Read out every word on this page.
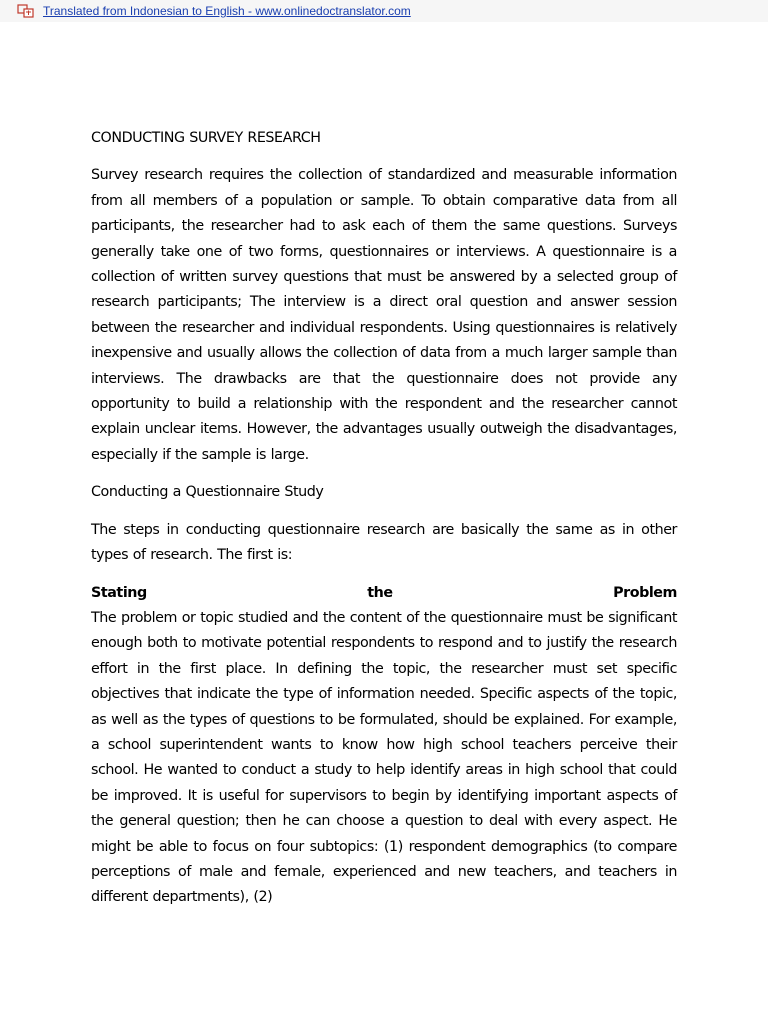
Translated from Indonesian to English - www.onlinedoctranslator.com

CONDUCTING SURVEY RESEARCH

Survey research requires the collection of standardized and measurable information from all members of a population or sample. To obtain comparative data from all participants, the researcher had to ask each of them the same questions. Surveys generally take one of two forms, questionnaires or interviews. A questionnaire is a collection of written survey questions that must be answered by a selected group of research participants; The interview is a direct oral question and answer session between the researcher and individual respondents. Using questionnaires is relatively inexpensive and usually allows the collection of data from a much larger sample than interviews. The drawbacks are that the questionnaire does not provide any opportunity to build a relationship with the respondent and the researcher cannot explain unclear items. However, the advantages usually outweigh the disadvantages, especially if the sample is large.

Conducting a Questionnaire Study

The steps in conducting questionnaire research are basically the same as in other types of research. The first is:

Stating the Problem

The problem or topic studied and the content of the questionnaire must be significant enough both to motivate potential respondents to respond and to justify the research effort in the first place. In defining the topic, the researcher must set specific objectives that indicate the type of information needed. Specific aspects of the topic, as well as the types of questions to be formulated, should be explained. For example, a school superintendent wants to know how high school teachers perceive their school. He wanted to conduct a study to help identify areas in high school that could be improved. It is useful for supervisors to begin by identifying important aspects of the general question; then he can choose a question to deal with every aspect. He might be able to focus on four subtopics: (1) respondent demographics (to compare perceptions of male and female, experienced and new teachers, and teachers in different departments), (2)
